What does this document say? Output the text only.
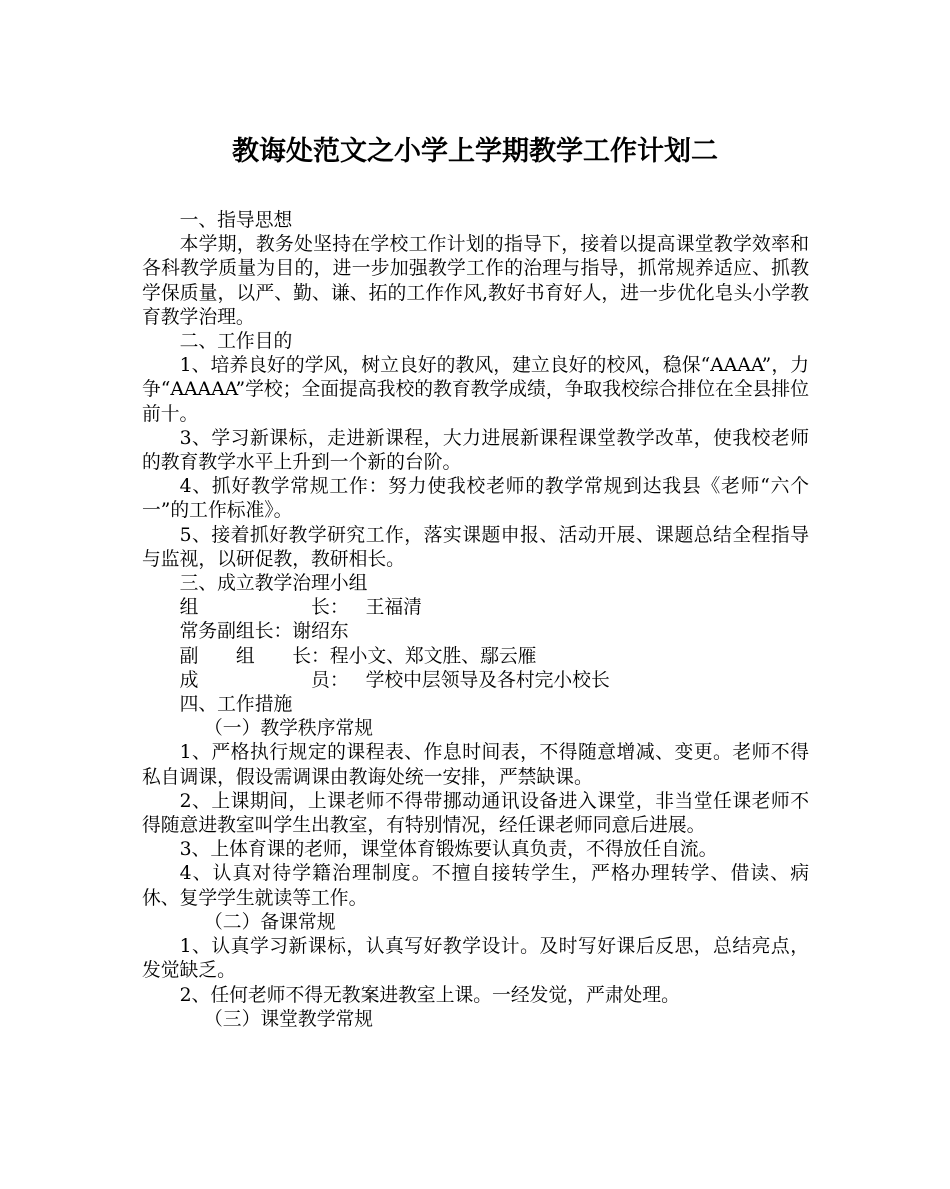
教诲处范文之小学上学期教学工作计划二

一、指导思想

本学期，教务处坚持在学校工作计划的指导下，接着以提高课堂教学效率和各科教学质量为目的，进一步加强教学工作的治理与指导，抓常规养适应、抓教学保质量，以严、勤、谦、拓的工作作风,教好书育好人，进一步优化皂头小学教育教学治理。

二、工作目的

1、培养良好的学风，树立良好的教风，建立良好的校风，稳保“AAAA”，力争“AAAAA”学校；全面提高我校的教育教学成绩，争取我校综合排位在全县排位前十。

3、学习新课标，走进新课程，大力进展新课程课堂教学改革，使我校老师的教育教学水平上升到一个新的台阶。

4、抓好教学常规工作：努力使我校老师的教学常规到达我县《老师“六个一”的工作标准》。

5、接着抓好教学研究工作，落实课题申报、活动开展、课题总结全程指导与监视，以研促教，教研相长。

三、成立教学治理小组

组　　　　　　长： 王福清

常务副组长：谢绍东

副　　组　　长：程小文、郑文胜、鄢云雁

成　　　　　　员： 学校中层领导及各村完小校长

四、工作措施

（一）教学秩序常规

1、严格执行规定的课程表、作息时间表，不得随意增减、变更。老师不得私自调课，假设需调课由教诲处统一安排，严禁缺课。

2、上课期间，上课老师不得带挪动通讯设备进入课堂，非当堂任课老师不得随意进教室叫学生出教室，有特别情况，经任课老师同意后进展。

3、上体育课的老师，课堂体育锻炼要认真负责，不得放任自流。

4、认真对待学籍治理制度。不擅自接转学生，严格办理转学、借读、病休、复学学生就读等工作。

（二）备课常规

1、认真学习新课标，认真写好教学设计。及时写好课后反思，总结亮点，发觉缺乏。

2、任何老师不得无教案进教室上课。一经发觉，严肃处理。

（三）课堂教学常规
